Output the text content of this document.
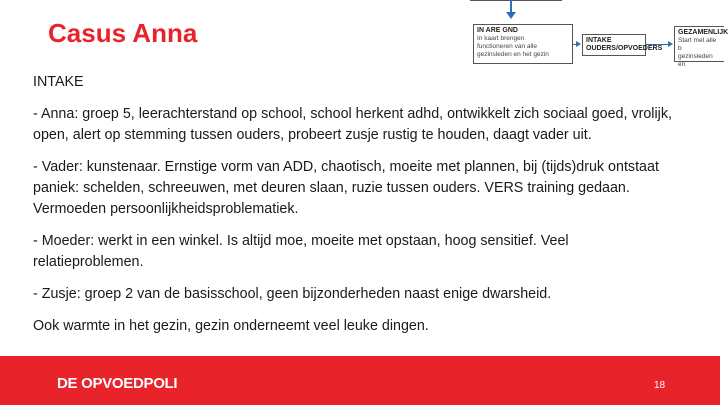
Casus Anna	IN ARE GND
In kaart brengen
functioneren van alle
gezinsleden en het gezin
INTAKE
OUDERS/OPVOEDERS
GEZAMENLIJK
Start met alle b
gezinsleden en

INTAKE

- Anna: groep 5, leerachterstand op school, school herkent adhd, ontwikkelt zich sociaal goed, vrolijk, open, alert op stemming tussen ouders, probeert zusje rustig te houden, daagt vader uit.

- Vader: kunstenaar. Ernstige vorm van ADD, chaotisch, moeite met plannen, bij (tijds)druk ontstaat paniek: schelden, schreeuwen, met deuren slaan, ruzie tussen ouders. VERS training gedaan. Vermoeden persoonlijkheidsproblematiek.

- Moeder: werkt in een winkel. Is altijd moe, moeite met opstaan, hoog sensitief. Veel relatieproblemen.

- Zusje: groep 2 van de basisschool, geen bijzonderheden naast enige dwarsheid.

Ook warmte in het gezin, gezin onderneemt veel leuke dingen.

DE OPVOEDPOLI	18
